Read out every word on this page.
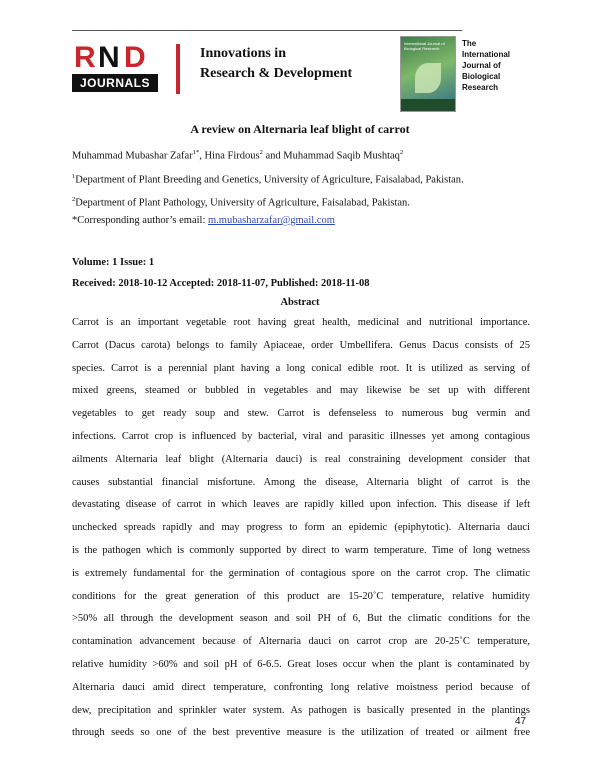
R N D
JOURNALS
Innovations in
Research & Development
International Journal of Biological Research
The
International
Journal of
Biological
Research
A review on Alternaria leaf blight of carrot
Muhammad Mubashar Zafar$^{1*}$, Hina Firdous$^2$ and Muhammad Saqib Mushtaq$^2$
$^1$Department of Plant Breeding and Genetics, University of Agriculture, Faisalabad, Pakistan.
$^2$Department of Plant Pathology, University of Agriculture, Faisalabad, Pakistan.
*Corresponding author’s email: m.mubasharzafar@gmail.com
Volume: 1 Issue: 1
Received: 2018-10-12 Accepted: 2018-11-07, Published: 2018-11-08
Abstract

Carrot is an important vegetable root having great health, medicinal and nutritional importance.

Carrot (Dacus carota) belongs to family Apiaceae, order Umbellifera. Genus Dacus consists of 25

species. Carrot is a perennial plant having a long conical edible root. It is utilized as serving of

mixed greens, steamed or bubbled in vegetables and may likewise be set up with different

vegetables to get ready soup and stew. Carrot is defenseless to numerous bug vermin and

infections. Carrot crop is influenced by bacterial, viral and parasitic illnesses yet among contagious

ailments Alternaria leaf blight (Alternaria dauci) is real constraining development consider that

causes substantial financial misfortune. Among the disease, Alternaria blight of carrot is the

devastating disease of carrot in which leaves are rapidly killed upon infection. This disease if left

unchecked spreads rapidly and may progress to form an epidemic (epiphytotic). Alternaria dauci

is the pathogen which is commonly supported by direct to warm temperature. Time of long wetness

is extremely fundamental for the germination of contagious spore on the carrot crop. The climatic

conditions for the great generation of this product are 15-20˚C temperature, relative humidity

>50% all through the development season and soil PH of 6, But the climatic conditions for the

contamination advancement because of Alternaria dauci on carrot crop are 20-25˚C temperature,

relative humidity >60% and soil pH of 6-6.5. Great loses occur when the plant is contaminated by

Alternaria dauci amid direct temperature, confronting long relative moistness period because of

dew, precipitation and sprinkler water system. As pathogen is basically presented in the plantings

through seeds so one of the best preventive measure is the utilization of treated or ailment free

47
